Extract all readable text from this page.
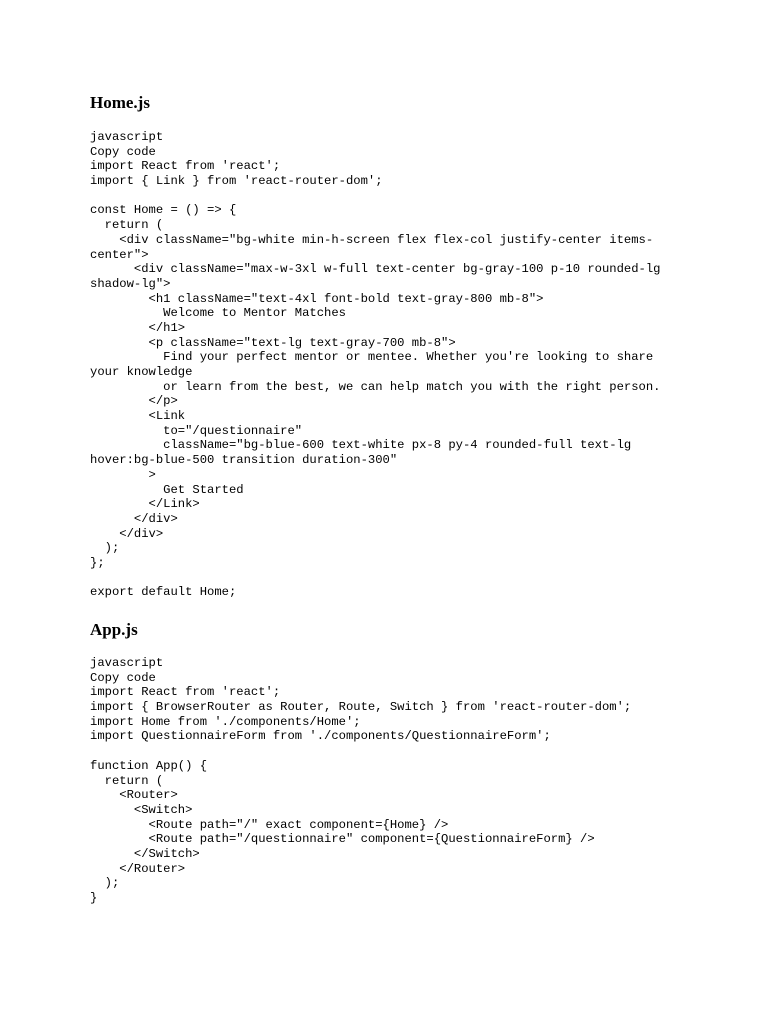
Home.js
javascript
Copy code
import React from 'react';
import { Link } from 'react-router-dom';
const Home = () => {
return (
<div className="bg-white min-h-screen flex flex-col justify-center items-
center">
<div className="max-w-3xl w-full text-center bg-gray-100 p-10 rounded-lg
shadow-lg">
<h1 className="text-4xl font-bold text-gray-800 mb-8">
Welcome to Mentor Matches
</h1>
<p className="text-lg text-gray-700 mb-8">
Find your perfect mentor or mentee. Whether you're looking to share
your knowledge
or learn from the best, we can help match you with the right person.
</p>
<Link
to="/questionnaire"
className="bg-blue-600 text-white px-8 py-4 rounded-full text-lg
hover:bg-blue-500 transition duration-300"
>
Get Started
</Link>
</div>
</div>
);
};
export default Home;
App.js
javascript
Copy code
import React from 'react';
import { BrowserRouter as Router, Route, Switch } from 'react-router-dom';
import Home from './components/Home';
import QuestionnaireForm from './components/QuestionnaireForm';
function App() {
return (
<Router>
<Switch>
<Route path="/" exact component={Home} />
<Route path="/questionnaire" component={QuestionnaireForm} />
</Switch>
</Router>
);
}
